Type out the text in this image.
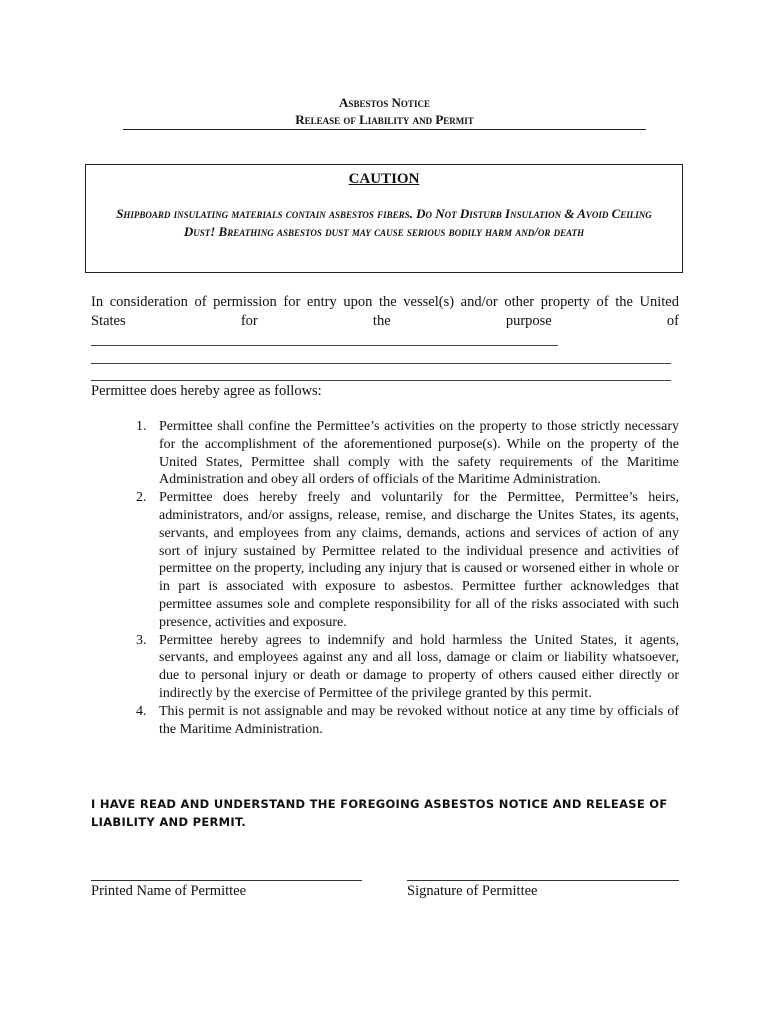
Asbestos Notice
Release of Liability and Permit
CAUTION
Shipboard insulating materials contain asbestos fibers. Do Not Disturb Insulation & Avoid Ceiling Dust! Breathing asbestos dust may cause serious bodily harm and/or death
In consideration of permission for entry upon the vessel(s) and/or other property of the United
States for the purpose of
Permittee does hereby agree as follows:
1. Permittee shall confine the Permittee’s activities on the property to those strictly necessary for the accomplishment of the aforementioned purpose(s). While on the property of the United States, Permittee shall comply with the safety requirements of the Maritime Administration and obey all orders of officials of the Maritime Administration.
2. Permittee does hereby freely and voluntarily for the Permittee, Permittee’s heirs, administrators, and/or assigns, release, remise, and discharge the Unites States, its agents, servants, and employees from any claims, demands, actions and services of action of any sort of injury sustained by Permittee related to the individual presence and activities of permittee on the property, including any injury that is caused or worsened either in whole or in part is associated with exposure to asbestos. Permittee further acknowledges that permittee assumes sole and complete responsibility for all of the risks associated with such presence, activities and exposure.
3. Permittee hereby agrees to indemnify and hold harmless the United States, it agents, servants, and employees against any and all loss, damage or claim or liability whatsoever, due to personal injury or death or damage to property of others caused either directly or indirectly by the exercise of Permittee of the privilege granted by this permit.
4. This permit is not assignable and may be revoked without notice at any time by officials of the Maritime Administration.
I HAVE READ AND UNDERSTAND THE FOREGOING ASBESTOS NOTICE AND RELEASE OF LIABILITY AND PERMIT.
Printed Name of Permittee	Signature of Permittee
